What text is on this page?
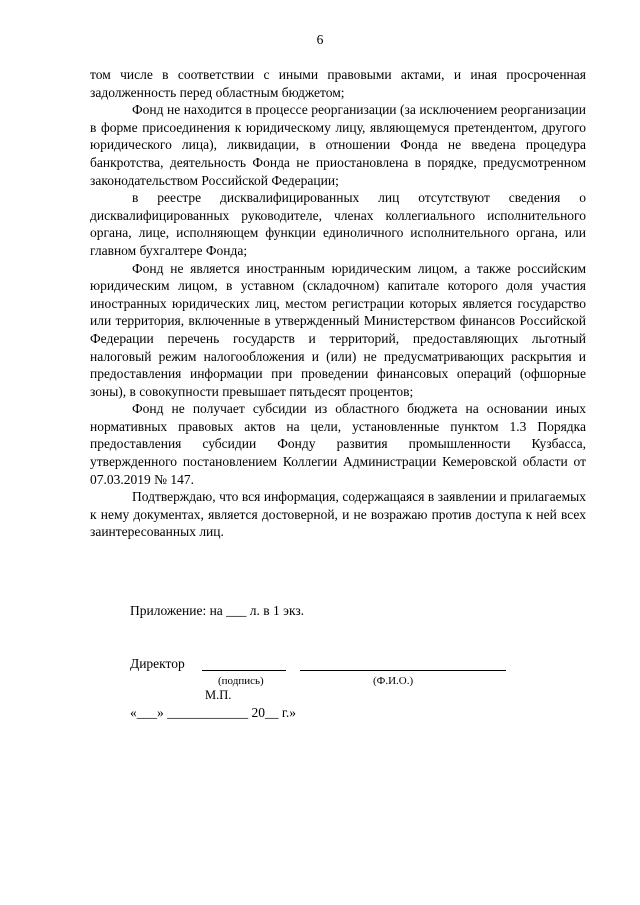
6

том числе в соответствии с иными правовыми актами, и иная просроченная задолженность перед областным бюджетом;

Фонд не находится в процессе реорганизации (за исключением реорганизации в форме присоединения к юридическому лицу, являющемуся претендентом, другого юридического лица), ликвидации, в отношении Фонда не введена процедура банкротства, деятельность Фонда не приостановлена в порядке, предусмотренном законодательством Российской Федерации;

в реестре дисквалифицированных лиц отсутствуют сведения о дисквалифицированных руководителе, членах коллегиального исполнительного органа, лице, исполняющем функции единоличного исполнительного органа, или главном бухгалтере Фонда;

Фонд не является иностранным юридическим лицом, а также российским юридическим лицом, в уставном (складочном) капитале которого доля участия иностранных юридических лиц, местом регистрации которых является государство или территория, включенные в утвержденный Министерством финансов Российской Федерации перечень государств и территорий, предоставляющих льготный налоговый режим налогообложения и (или) не предусматривающих раскрытия и предоставления информации при проведении финансовых операций (офшорные зоны), в совокупности превышает пятьдесят процентов;

Фонд не получает субсидии из областного бюджета на основании иных нормативных правовых актов на цели, установленные пунктом 1.3 Порядка предоставления субсидии Фонду развития промышленности Кузбасса, утвержденного постановлением Коллегии Администрации Кемеровской области от 07.03.2019 № 147.

Подтверждаю, что вся информация, содержащаяся в заявлении и прилагаемых к нему документах, является достоверной, и не возражаю против доступа к ней всех заинтересованных лиц.

Приложение: на ___ л. в 1 экз.
Директор
(подпись)	(Ф.И.О.)
М.П.
«___» ____________ 20__ г.»
